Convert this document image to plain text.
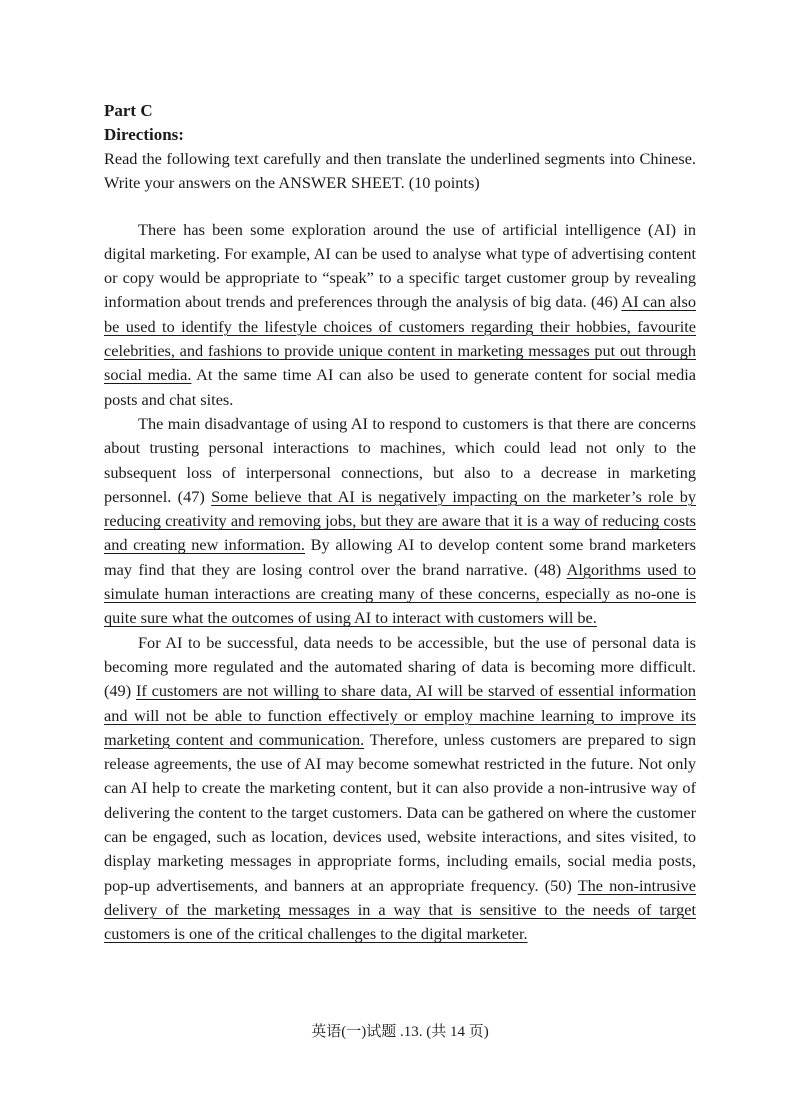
Part C

Directions:

Read the following text carefully and then translate the underlined segments into Chinese. Write your answers on the ANSWER SHEET. (10 points)

There has been some exploration around the use of artificial intelligence (AI) in digital marketing. For example, AI can be used to analyse what type of advertising content or copy would be appropriate to “speak” to a specific target customer group by revealing information about trends and preferences through the analysis of big data. (46) AI can also be used to identify the lifestyle choices of customers regarding their hobbies, favourite celebrities, and fashions to provide unique content in marketing messages put out through social media. At the same time AI can also be used to generate content for social media posts and chat sites.

The main disadvantage of using AI to respond to customers is that there are concerns about trusting personal interactions to machines, which could lead not only to the subsequent loss of interpersonal connections, but also to a decrease in marketing personnel. (47) Some believe that AI is negatively impacting on the marketer’s role by reducing creativity and removing jobs, but they are aware that it is a way of reducing costs and creating new information. By allowing AI to develop content some brand marketers may find that they are losing control over the brand narrative. (48) Algorithms used to simulate human interactions are creating many of these concerns, especially as no-one is quite sure what the outcomes of using AI to interact with customers will be.

For AI to be successful, data needs to be accessible, but the use of personal data is becoming more regulated and the automated sharing of data is becoming more difficult. (49) If customers are not willing to share data, AI will be starved of essential information and will not be able to function effectively or employ machine learning to improve its marketing content and communication. Therefore, unless customers are prepared to sign release agreements, the use of AI may become somewhat restricted in the future. Not only can AI help to create the marketing content, but it can also provide a non-intrusive way of delivering the content to the target customers. Data can be gathered on where the customer can be engaged, such as location, devices used, website interactions, and sites visited, to display marketing messages in appropriate forms, including emails, social media posts, pop-up advertisements, and banners at an appropriate frequency. (50) The non-intrusive delivery of the marketing messages in a way that is sensitive to the needs of target customers is one of the critical challenges to the digital marketer.

英语(一)试题 .13. (共 14 页)
